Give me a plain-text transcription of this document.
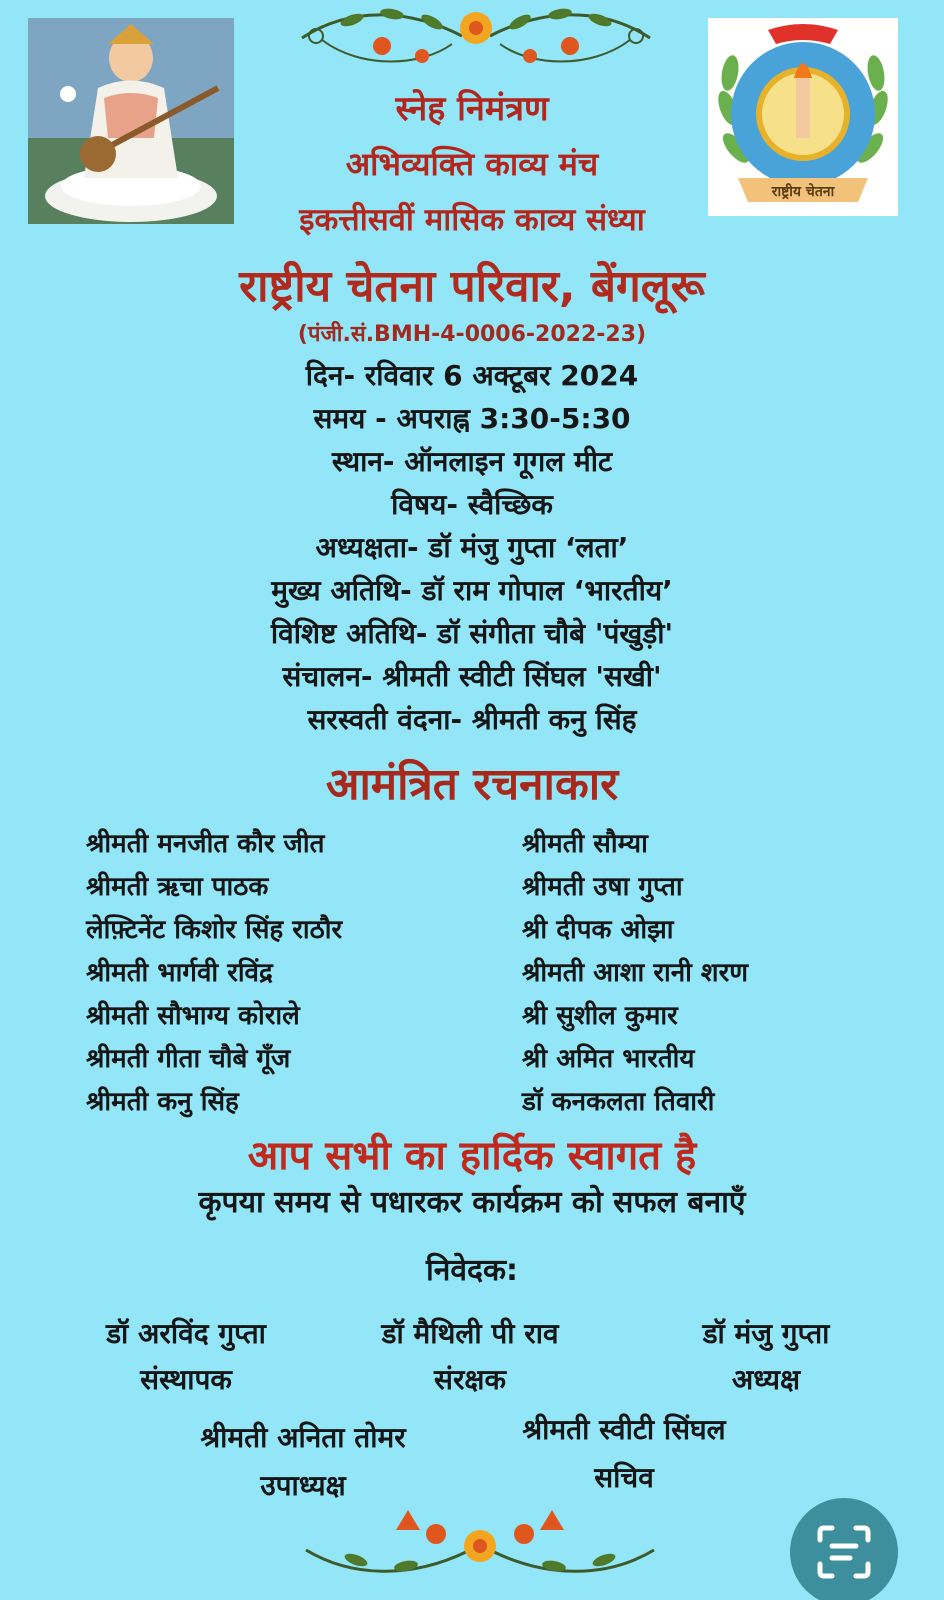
राष्ट्रीय चेतना
स्नेह निमंत्रण
अभिव्यक्ति काव्य मंच
इकत्तीसवीं मासिक काव्य संध्या
राष्ट्रीय चेतना परिवार, बेंगलूरू
(पंजी.सं.BMH-4-0006-2022-23)
दिन- रविवार 6 अक्टूबर 2024
समय - अपराह्न 3:30-5:30
स्थान- ऑनलाइन गूगल मीट
विषय- स्वैच्छिक
अध्यक्षता- डॉ मंजु गुप्ता ‘लता’
मुख्य अतिथि- डॉ राम गोपाल ‘भारतीय’
विशिष्ट अतिथि- डॉ संगीता चौबे 'पंखुड़ी'
संचालन- श्रीमती स्वीटी सिंघल 'सखी'
सरस्वती वंदना- श्रीमती कनु सिंह
आमंत्रित रचनाकार
श्रीमती मनजीत कौर जीत
श्रीमती ऋचा पाठक
लेफ़्टिनेंट किशोर सिंह राठौर
श्रीमती भार्गवी रविंद्र
श्रीमती सौभाग्य कोराले
श्रीमती गीता चौबे गूँज
श्रीमती कनु सिंह
श्रीमती सौम्या
श्रीमती उषा गुप्ता
श्री दीपक ओझा
श्रीमती आशा रानी शरण
श्री सुशील कुमार
श्री अमित भारतीय
डॉ कनकलता तिवारी
आप सभी का हार्दिक स्वागत है
कृपया समय से पधारकर कार्यक्रम को सफल बनाएँ
निवेदक:
डॉ अरविंद गुप्ता
संस्थापक
डॉ मैथिली पी राव
संरक्षक
डॉ मंजु गुप्ता
अध्यक्ष
श्रीमती अनिता तोमर
उपाध्यक्ष
श्रीमती स्वीटी सिंघल
सचिव
